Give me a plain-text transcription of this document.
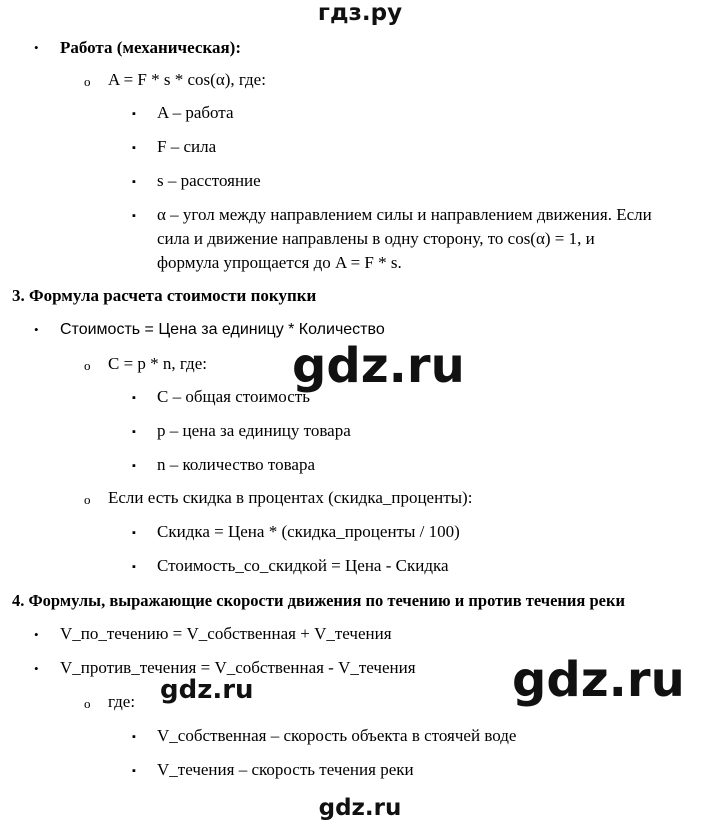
гдз.ру
• Работа (механическая):
o A = F * s * cos(α), где:
▪ A – работа
▪ F – сила
▪ s – расстояние
▪ α – угол между направлением силы и направлением движения. Если
сила и движение направлены в одну сторону, то cos(α) = 1, и
формула упрощается до A = F * s.
3. Формула расчета стоимости покупки
• Стоимость = Цена за единицу * Количество
o C = p * n, где: gdz.ru
▪ C – общая стоимость
▪ p – цена за единицу товара
▪ n – количество товара
o Если есть скидка в процентах (скидка_проценты):
▪ Скидка = Цена * (скидка_проценты / 100)
▪ Стоимость_со_скидкой = Цена - Скидка
4. Формулы, выражающие скорости движения по течению и против течения реки
• V_по_течению = V_собственная + V_течения
• V_против_течения = V_собственная - V_течения gdz.ru
gdz.ru
o где:
▪ V_собственная – скорость объекта в стоячей воде
▪ V_течения – скорость течения реки
gdz.ru
